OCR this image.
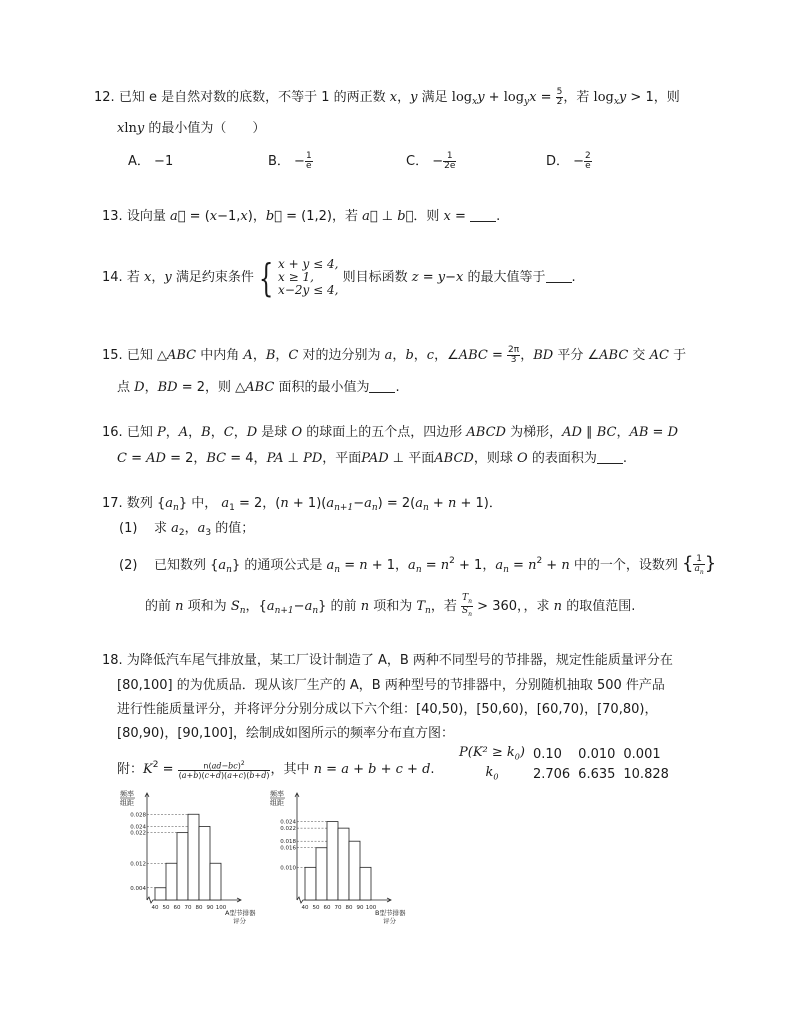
12. 已知 e 是自然对数的底数，不等于 1 的两正数 x，y 满足 $\log_xy + \log_yx = \frac{5}{2}$ ，若 $\log_xy > 1$，则
xlny 的最小值为（　　）
A． −1	B． − $\frac{1}{e}$	C． − $\frac{1}{2e}$	D． − $\frac{2}{e}$
13. 设向量 a⃗ = (x−1,x)，b⃗ = (1,2)，若 a⃗ ⊥ b⃗．则 x = .
14. 若 x，y 满足约束条件 { x + y ≤ 4,
x ≥ 1,
x−2y ≤ 4, 则目标函数 z = y−x 的最大值等于 .
15. 已知 △ABC 中内角 A，B，C 对的边分别为 a，b，c，∠ABC = $\frac{2\pi}{3}$ ，BD 平分 ∠ABC 交 AC 于
点 D，BD = 2，则 △ABC 面积的最小值为 .
16. 已知 P，A，B，C，D 是球 O 的球面上的五个点，四边形 ABCD 为梯形，AD ∥ BC，AB = D
C = AD = 2，BC = 4，PA ⊥ PD，平面PAD ⊥ 平面ABCD，则球 O 的表面积为 .
17. 数列 $\{a_n\}$ 中， $a_1 = 2$，$(n + 1)(a_{n+1}-a_n) = 2(a_n + n + 1)$．
(1) 求 $a_2$，$a_3$ 的值；
(2) 已知数列 $\{a_n\}$ 的通项公式是 $a_n = n + 1$，$a_n = n^2 + 1$，$a_n = n^2 + n$ 中的一个，设数列 { $\frac{1}{a_n}$ }
的前 n 项和为 $S_n$，$\{a_{n+1}-a_n\}$ 的前 n 项和为 $T_n$，若 $\frac{T_n}{S_n} > 360$，，求 n 的取值范围.
18. 为降低汽车尾气排放量，某工厂设计制造了 A，B 两种不同型号的节排器，规定性能质量评分在
[80,100] 的为优质品．现从该厂生产的 A，B 两种型号的节排器中，分别随机抽取 500 件产品
进行性能质量评分，并将评分分别分成以下六个组：[40,50)，[50,60)，[60,70)，[70,80)，
[80,90)，[90,100]，绘制成如图所示的频率分布直方图：
附：$K^2 = \frac{n(ad-bc)^2}{(a+b)(c+d)(a+c)(b+d)}$ ，其中 n = a + b + c + d.
$P(K^2 \ge k_0)$	0.10	0.010	0.001
$k_0$	2.706	6.635	10.828
频率
组距
0.028
0.024
0.022
0.012
0.004
40 50 60 70 80 90 100
A型节排器
评分
频率
组距
0.024
0.022
0.018
0.016
0.010
40 50 60 70 80 90 100
B型节排器
评分
